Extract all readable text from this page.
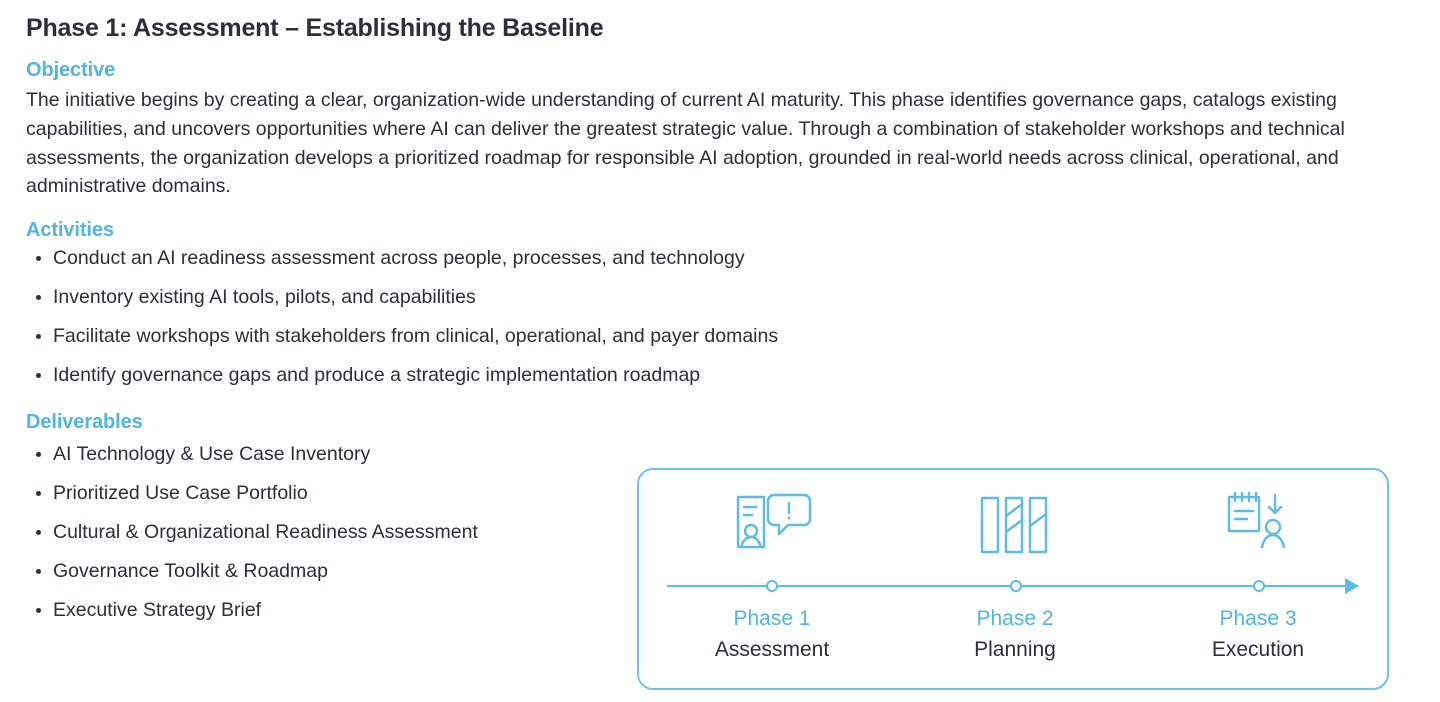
Phase 1: Assessment – Establishing the Baseline
Objective

The initiative begins by creating a clear, organization-wide understanding of current AI maturity. This phase identifies governance gaps, catalogs existing capabilities, and uncovers opportunities where AI can deliver the greatest strategic value. Through a combination of stakeholder workshops and technical assessments, the organization develops a prioritized roadmap for responsible AI adoption, grounded in real-world needs across clinical, operational, and administrative domains.

Activities
Conduct an AI readiness assessment across people, processes, and technology
Inventory existing AI tools, pilots, and capabilities
Facilitate workshops with stakeholders from clinical, operational, and payer domains
Identify governance gaps and produce a strategic implementation roadmap
Deliverables
AI Technology & Use Case Inventory
Prioritized Use Case Portfolio
Cultural & Organizational Readiness Assessment
Governance Toolkit & Roadmap
Executive Strategy Brief	Phase 1
Assessment
Phase 2
Planning
Phase 3
Execution
